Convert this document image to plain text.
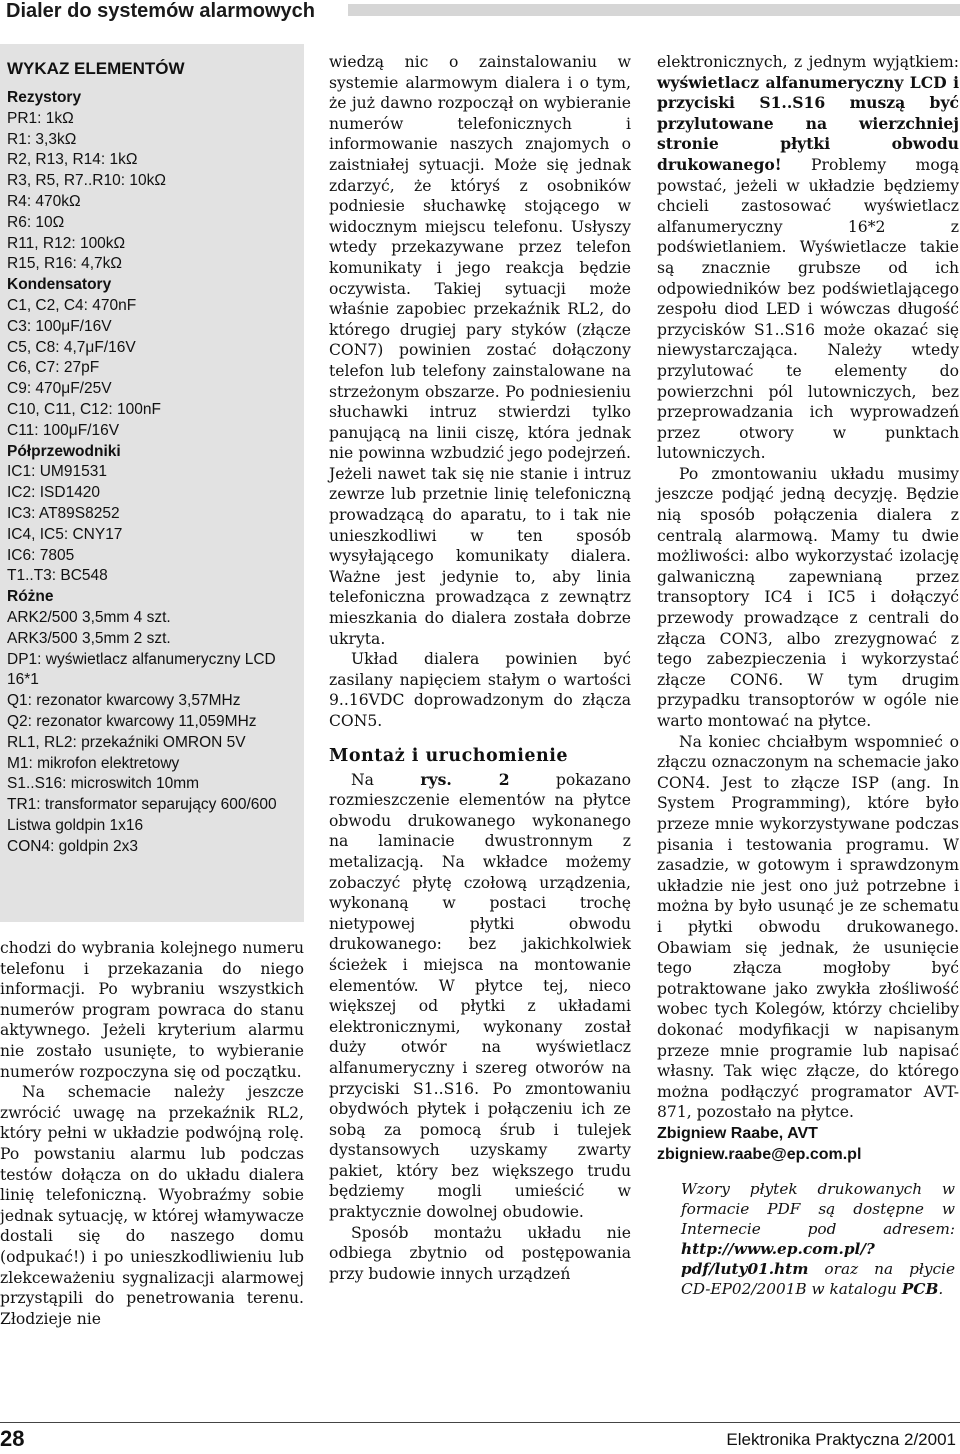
Dialer do systemów alarmowych
WYKAZ ELEMENTÓW
Rezystory
PR1: 1kΩ
R1: 3,3kΩ
R2, R13, R14: 1kΩ
R3, R5, R7..R10: 10kΩ
R4: 470kΩ
R6: 10Ω
R11, R12: 100kΩ
R15, R16: 4,7kΩ
Kondensatory
C1, C2, C4: 470nF
C3: 100μF/16V
C5, C8: 4,7μF/16V
C6, C7: 27pF
C9: 470μF/25V
C10, C11, C12: 100nF
C11: 100μF/16V
Półprzewodniki
IC1: UM91531
IC2: ISD1420
IC3: AT89S8252
IC4, IC5: CNY17
IC6: 7805
T1..T3: BC548
Różne
ARK2/500 3,5mm 4 szt.
ARK3/500 3,5mm 2 szt.
DP1: wyświetlacz alfanumeryczny LCD 16*1
Q1: rezonator kwarcowy 3,57MHz
Q2: rezonator kwarcowy 11,059MHz
RL1, RL2: przekaźniki OMRON 5V
M1: mikrofon elektretowy
S1..S16: microswitch 10mm
TR1: transformator separujący 600/600
Listwa goldpin 1x16
CON4: goldpin 2x3

chodzi do wybrania kolejnego numeru telefonu i przekazania do niego informacji. Po wybraniu wszystkich numerów program powraca do stanu aktywnego. Jeżeli kryterium alarmu nie zostało usunięte, to wybieranie numerów rozpoczyna się od początku.

Na schemacie należy jeszcze zwrócić uwagę na przekaźnik RL2, który pełni w układzie podwójną rolę. Po powstaniu alarmu lub podczas testów dołącza on do układu dialera linię telefoniczną. Wyobraźmy sobie jednak sytuację, w której włamywacze dostali się do naszego domu (odpukać!) i po unieszkodliwieniu lub zlekceważeniu sygnalizacji alarmowej przystąpili do penetrowania terenu. Złodzieje nie

wiedzą nic o zainstalowaniu w systemie alarmowym dialera i o tym, że już dawno rozpoczął on wybieranie numerów telefonicznych i informowanie naszych znajomych o zaistniałej sytuacji. Może się jednak zdarzyć, że któryś z osobników podniesie słuchawkę stojącego w widocznym miejscu telefonu. Usłyszy wtedy przekazywane przez telefon komunikaty i jego reakcja będzie oczywista. Takiej sytuacji może właśnie zapobiec przekaźnik RL2, do którego drugiej pary styków (złącze CON7) powinien zostać dołączony telefon lub telefony zainstalowane na strzeżonym obszarze. Po podniesieniu słuchawki intruz stwierdzi tylko panującą na linii ciszę, która jednak nie powinna wzbudzić jego podejrzeń. Jeżeli nawet tak się nie stanie i intruz zewrze lub przetnie linię telefoniczną prowadzącą do aparatu, to i tak nie unieszkodliwi w ten sposób wysyłającego komunikaty dialera. Ważne jest jedynie to, aby linia telefoniczna prowadząca z zewnątrz mieszkania do dialera została dobrze ukryta.

Układ dialera powinien być zasilany napięciem stałym o wartości 9..16VDC doprowadzonym do złącza CON5.

Montaż i uruchomienie

Na rys. 2 pokazano rozmieszczenie elementów na płytce obwodu drukowanego wykonanego na laminacie dwustronnym z metalizacją. Na wkładce możemy zobaczyć płytę czołową urządzenia, wykonaną w postaci trochę nietypowej płytki obwodu drukowanego: bez jakichkolwiek ścieżek i miejsca na montowanie elementów. W płytce tej, nieco większej od płytki z układami elektronicznymi, wykonany został duży otwór na wyświetlacz alfanumeryczny i szereg otworów na przyciski S1..S16. Po zmontowaniu obydwóch płytek i połączeniu ich ze sobą za pomocą śrub i tulejek dystansowych uzyskamy zwarty pakiet, który bez większego trudu będziemy mogli umieścić w praktycznie dowolnej obudowie.

Sposób montażu układu nie odbiega zbytnio od postępowania przy budowie innych urządzeń

elektronicznych, z jednym wyjątkiem: wyświetlacz alfanumeryczny LCD i przyciski S1..S16 muszą być przylutowane na wierzchniej stronie płytki obwodu drukowanego! Problemy mogą powstać, jeżeli w układzie będziemy chcieli zastosować wyświetlacz alfanumeryczny 16*2 z podświetlaniem. Wyświetlacze takie są znacznie grubsze od ich odpowiedników bez podświetlającego zespołu diod LED i wówczas długość przycisków S1..S16 może okazać się niewystarczająca. Należy wtedy przylutować te elementy do powierzchni pól lutowniczych, bez przeprowadzania ich wyprowadzeń przez otwory w punktach lutowniczych.

Po zmontowaniu układu musimy jeszcze podjąć jedną decyzję. Będzie nią sposób połączenia dialera z centralą alarmową. Mamy tu dwie możliwości: albo wykorzystać izolację galwaniczną zapewnianą przez transoptory IC4 i IC5 i dołączyć przewody prowadzące z centrali do złącza CON3, albo zrezygnować z tego zabezpieczenia i wykorzystać złącze CON6. W tym drugim przypadku transoptorów w ogóle nie warto montować na płytce.

Na koniec chciałbym wspomnieć o złączu oznaczonym na schemacie jako CON4. Jest to złącze ISP (ang. In System Programming), które było przeze mnie wykorzystywane podczas pisania i testowania programu. W zasadzie, w gotowym i sprawdzonym układzie nie jest ono już potrzebne i można by było usunąć je ze schematu i płytki obwodu drukowanego. Obawiam się jednak, że usunięcie tego złącza mogłoby być potraktowane jako zwykła złośliwość wobec tych Kolegów, którzy chcieliby dokonać modyfikacji w napisanym przeze mnie programie lub napisać własny. Tak więc złącze, do którego można podłączyć programator AVT-871, pozostało na płytce.

Zbigniew Raabe, AVT

zbigniew.raabe@ep.com.pl

Wzory płytek drukowanych w formacie PDF są dostępne w Internecie pod adresem: http://www.ep.com.pl/?pdf/luty01.htm oraz na płycie CD-EP02/2001B w katalogu PCB.

28	Elektronika Praktyczna 2/2001
